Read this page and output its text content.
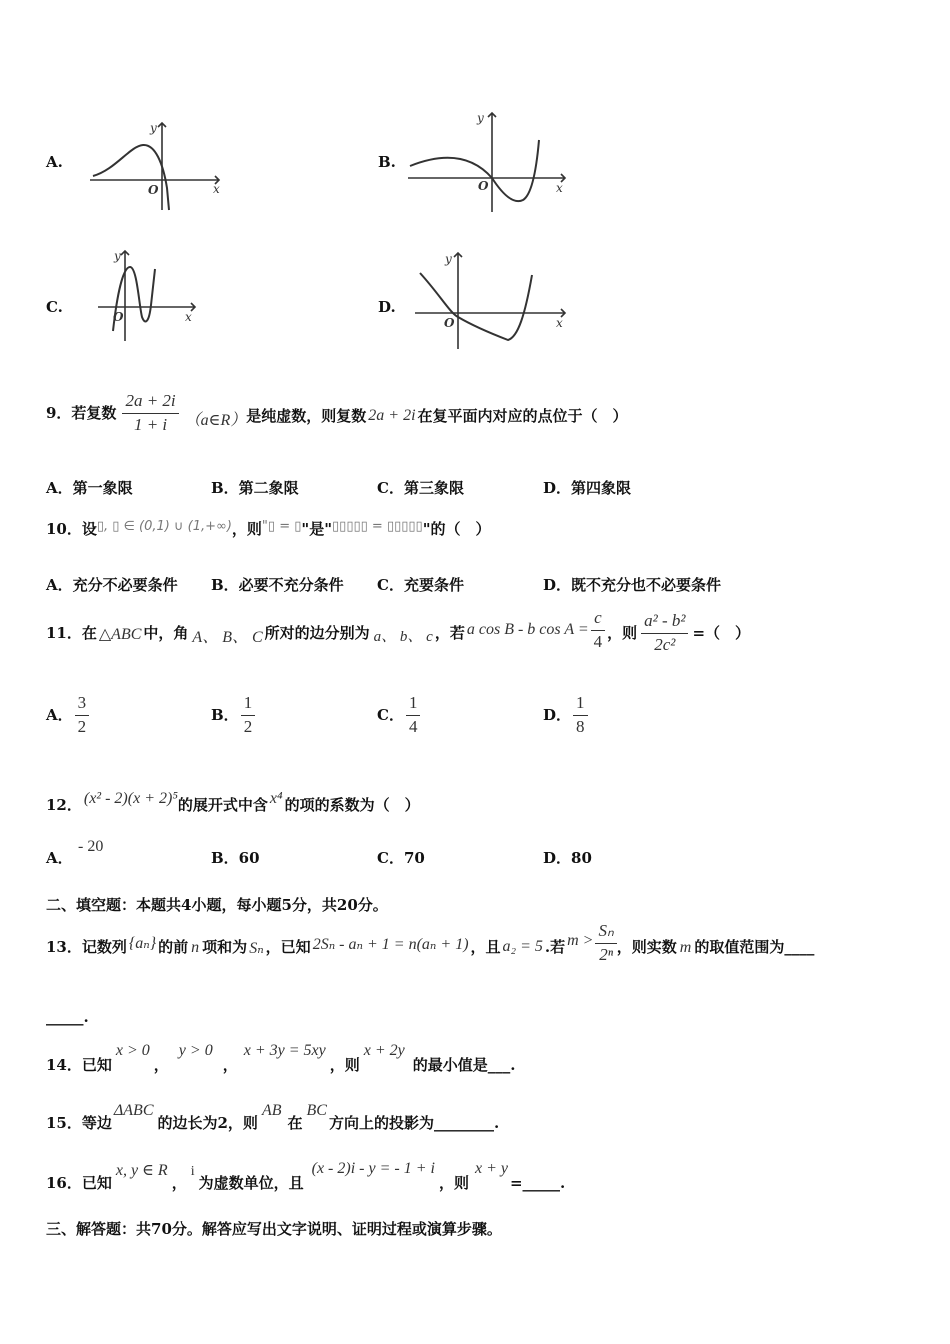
A.	B.
C.	D.
y
x
O
y
x
O
y
x
O
y
x
O
9．若复数 $\frac{2a + 2i}{1 + i}$ （a∈R） 是纯虚数，则复数 2a + 2i 在复平面内对应的点位于（　）
A．第一象限	B．第二象限	C．第三象限	D．第四象限
10．设 ▯, ▯ ∈ (0,1) ∪ (1,+∞) ，则 "▯ = ▯ "是" ▯▯▯▯▯ = ▯▯▯▯▯ "的（　）
A．充分不必要条件 B．必要不充分条件 C．充要条件	D．既不充分也不必要条件
11．在 △ABC 中，角 A、 B、 C 所对的边分别为 a、 b、 c ，若 a cos B - b $\cos A = \frac{c}{4}$ ，则 $\frac{\text{a² - b²}}{\text{2c²}}$ =（　）
A． $\frac{3}{2}$	B． $\frac{1}{2}$	C． $\frac{1}{4}$	D． $\frac{1}{8}$
12． (x² - 2)(x + 2)⁵ 的展开式中含 x⁴ 的项的系数为（　）
A．
- 20
B．60	C．70	D．80
二、填空题：本题共4小题，每小题5分，共20分。
13．记数列 {aₙ} 的前 n 项和为 Sₙ ，已知 2Sₙ - aₙ + 1 = n(aₙ + 1) ，且 a₂ = 5 .若 $m > \frac{\text{Sₙ}}{\text{2ⁿ}}$ ，则实数 m 的取值范围为____
_____.
14．已知
x > 0
，
y > 0
，
x + 3y = 5xy
，则
x + 2y
的最小值是___.
15．等边
ΔABC
的边长为2，则
AB
在
BC
方向上的投影为________.
16．已知
x, y ∈ R
，
i
为虚数单位，且
(x - 2)i - y = - 1 + i
，则
x + y
=_____.
三、解答题：共70分。解答应写出文字说明、证明过程或演算步骤。
